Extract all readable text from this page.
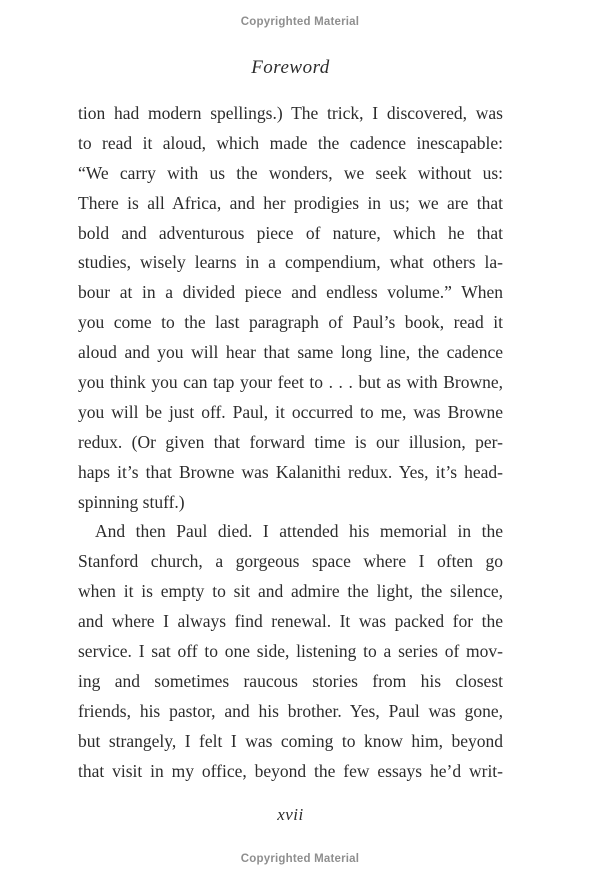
Copyrighted Material
Foreword
tion had modern spellings.) The trick, I discovered, was
to read it aloud, which made the cadence inescapable:
“We carry with us the wonders, we seek without us:
There is all Africa, and her prodigies in us; we are that
bold and adventurous piece of nature, which he that
studies, wisely learns in a compendium, what others la-
bour at in a divided piece and endless volume.” When
you come to the last paragraph of Paul’s book, read it
aloud and you will hear that same long line, the cadence
you think you can tap your feet to . . . but as with Browne,
you will be just off. Paul, it occurred to me, was Browne
redux. (Or given that forward time is our illusion, per-
haps it’s that Browne was Kalanithi redux. Yes, it’s head-
spinning stuff.)
And then Paul died. I attended his memorial in the
Stanford church, a gorgeous space where I often go
when it is empty to sit and admire the light, the silence,
and where I always find renewal. It was packed for the
service. I sat off to one side, listening to a series of mov-
ing and sometimes raucous stories from his closest
friends, his pastor, and his brother. Yes, Paul was gone,
but strangely, I felt I was coming to know him, beyond
that visit in my office, beyond the few essays he’d writ-
xvii
Copyrighted Material
